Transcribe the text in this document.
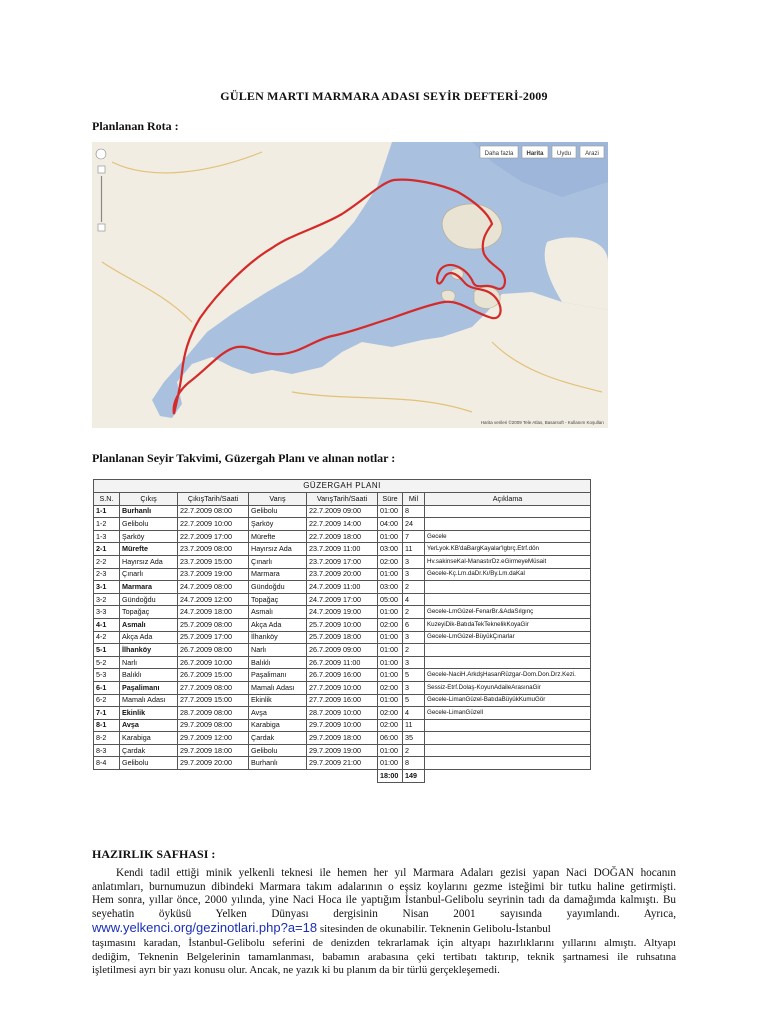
GÜLEN MARTI MARMARA ADASI SEYİR DEFTERİ-2009
Planlanan Rota :
Daha fazla Harita Uydu Arazi
Harita verileri ©2009 Tele Atlas, Basarsoft - Kullanım Koşulları
Planlanan Seyir Takvimi, Güzergah Planı ve alınan notlar :
GÜZERGAH PLANI							
S.N.	Çıkış	ÇıkışTarih/Saati	Varış	VarışTarih/Saati	Süre	Mil	Açıklama
1-1	Burhanlı	22.7.2009 08:00	Gelibolu	22.7.2009 09:00	01:00	8	
1-2	Gelibolu	22.7.2009 10:00	Şarköy	22.7.2009 14:00	04:00	24	
1-3	Şarköy	22.7.2009 17:00	Mürefte	22.7.2009 18:00	01:00	7	Gecele
2-1	Mürefte	23.7.2009 08:00	Hayırsız Ada	23.7.2009 11:00	03:00	11	YerLyok.KB'daBargKayalar'lgbrç.Etrf.dön
2-2	Hayırsız Ada	23.7.2009 15:00	Çınarlı	23.7.2009 17:00	02:00	3	Hv.sakinseKal-ManastırDz.eGirmeyeMüsait
2-3	Çınarlı	23.7.2009 19:00	Marmara	23.7.2009 20:00	01:00	3	Gecele-Kç.Lm.daDr.Kı/By.Lm.daKal
3-1	Marmara	24.7.2009 08:00	Gündoğdu	24.7.2009 11:00	03:00	2	
3-2	Gündoğdu	24.7.2009 12:00	Topağaç	24.7.2009 17:00	05:00	4	
3-3	Topağaç	24.7.2009 18:00	Asmalı	24.7.2009 19:00	01:00	2	Gecele-LmGüzel-FenarBr.&AdaSılgınç
4-1	Asmalı	25.7.2009 08:00	Akça Ada	25.7.2009 10:00	02:00	6	KuzeyiDik-BatıdaTekTeknelikKoyaGir
4-2	Akça Ada	25.7.2009 17:00	İlhanköy	25.7.2009 18:00	01:00	3	Gecele-LmGüzel-BüyükÇınarlar
5-1	İlhanköy	26.7.2009 08:00	Narlı	26.7.2009 09:00	01:00	2	
5-2	Narlı	26.7.2009 10:00	Balıklı	26.7.2009 11:00	01:00	3	
5-3	Balıklı	26.7.2009 15:00	Paşalimanı	26.7.2009 16:00	01:00	5	Gecele-NaciH.ArkdşHasanRüzgar-Dom.Don.Drz.Kezi.
6-1	Paşalimanı	27.7.2009 08:00	Mamalı Adası	27.7.2009 10:00	02:00	3	Sessiz-Etrf.Dolaş-KoyunAdaileArasınaGir
6-2	Mamalı Adası	27.7.2009 15:00	Ekinlik	27.7.2009 16:00	01:00	5	Gecele-LimanGüzel-BatıdaBüyükKumuGör
7-1	Ekinlik	28.7.2009 08:00	Avşa	28.7.2009 10:00	02:00	4	Gecele-LimanGüzell
8-1	Avşa	29.7.2009 08:00	Karabiga	29.7.2009 10:00	02:00	11	
8-2	Karabiga	29.7.2009 12:00	Çardak	29.7.2009 18:00	06:00	35	
8-3	Çardak	29.7.2009 18:00	Gelibolu	29.7.2009 19:00	01:00	2	
8-4	Gelibolu	29.7.2009 20:00	Burhanlı	29.7.2009 21:00	01:00	8	
					18:00	149	
HAZIRLIK SAFHASI :
Kendi tadil ettiği minik yelkenli teknesi ile hemen her yıl Marmara Adaları gezisi yapan Naci DOĞAN hocanın
anlatımları, burnumuzun dibindeki Marmara takım adalarının o eşsiz koylarını gezme isteğimi bir tutku haline getirmişti.
Hem sonra, yıllar önce, 2000 yılında, yine Naci Hoca ile yaptığım İstanbul-Gelibolu seyrinin tadı da damağımda kalmıştı. Bu
seyehatin öyküsü Yelken Dünyası dergisinin Nisan 2001 sayısında yayımlandı. Ayrıca,
www.yelkenci.org/gezinotlari.php?a=18 sitesinden de okunabilir. Teknenin Gelibolu-İstanbul
taşımasını karadan, İstanbul-Gelibolu seferini de denizden tekrarlamak için altyapı hazırlıklarını yıllarını almıştı. Altyapı
dediğim, Teknenin Belgelerinin tamamlanması, babamın arabasına çeki tertibatı taktırıp, teknik şartnamesi ile ruhsatına
işletilmesi ayrı bir yazı konusu olur. Ancak, ne yazık ki bu planım da bir türlü gerçekleşemedi.
